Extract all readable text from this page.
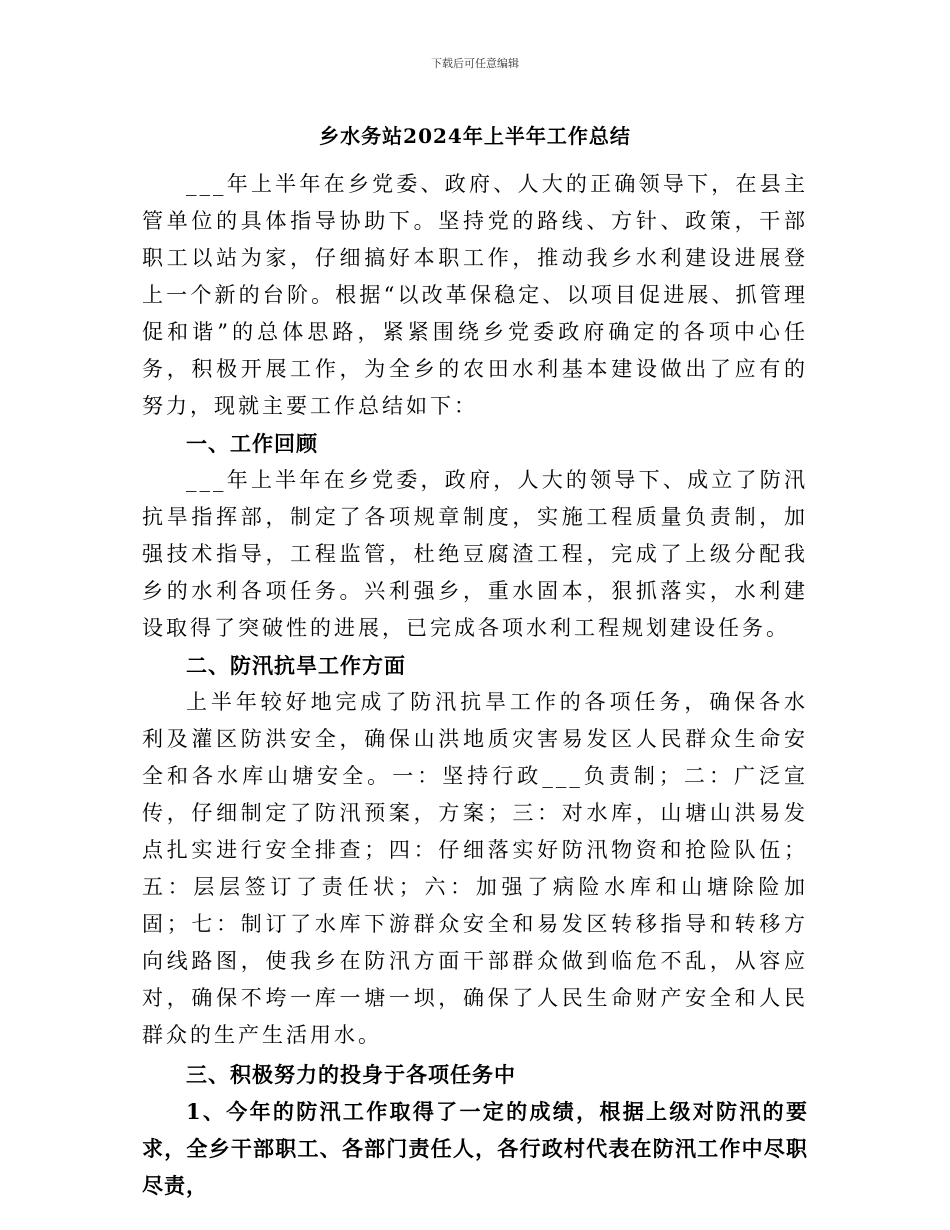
下载后可任意编辑
乡水务站2024年上半年工作总结

___年上半年在乡党委、政府、人大的正确领导下，在县主管单位的具体指导协助下。坚持党的路线、方针、政策，干部职工以站为家，仔细搞好本职工作，推动我乡水利建设进展登上一个新的台阶。根据“以改革保稳定、以项目促进展、抓管理促和谐”的总体思路，紧紧围绕乡党委政府确定的各项中心任务，积极开展工作，为全乡的农田水利基本建设做出了应有的努力，现就主要工作总结如下：

一、工作回顾

___年上半年在乡党委，政府，人大的领导下、成立了防汛抗旱指挥部，制定了各项规章制度，实施工程质量负责制，加强技术指导，工程监管，杜绝豆腐渣工程，完成了上级分配我乡的水利各项任务。兴利强乡，重水固本，狠抓落实，水利建设取得了突破性的进展，已完成各项水利工程规划建设任务。

二、防汛抗旱工作方面

上半年较好地完成了防汛抗旱工作的各项任务，确保各水利及灌区防洪安全，确保山洪地质灾害易发区人民群众生命安全和各水库山塘安全。一：坚持行政___负责制；二：广泛宣传，仔细制定了防汛预案，方案；三：对水库，山塘山洪易发点扎实进行安全排查；四：仔细落实好防汛物资和抢险队伍；五：层层签订了责任状；六：加强了病险水库和山塘除险加固；七：制订了水库下游群众安全和易发区转移指导和转移方向线路图，使我乡在防汛方面干部群众做到临危不乱，从容应对，确保不垮一库一塘一坝，确保了人民生命财产安全和人民群众的生产生活用水。

三、积极努力的投身于各项任务中

1、今年的防汛工作取得了一定的成绩，根据上级对防汛的要求，全乡干部职工、各部门责任人，各行政村代表在防汛工作中尽职尽责，
